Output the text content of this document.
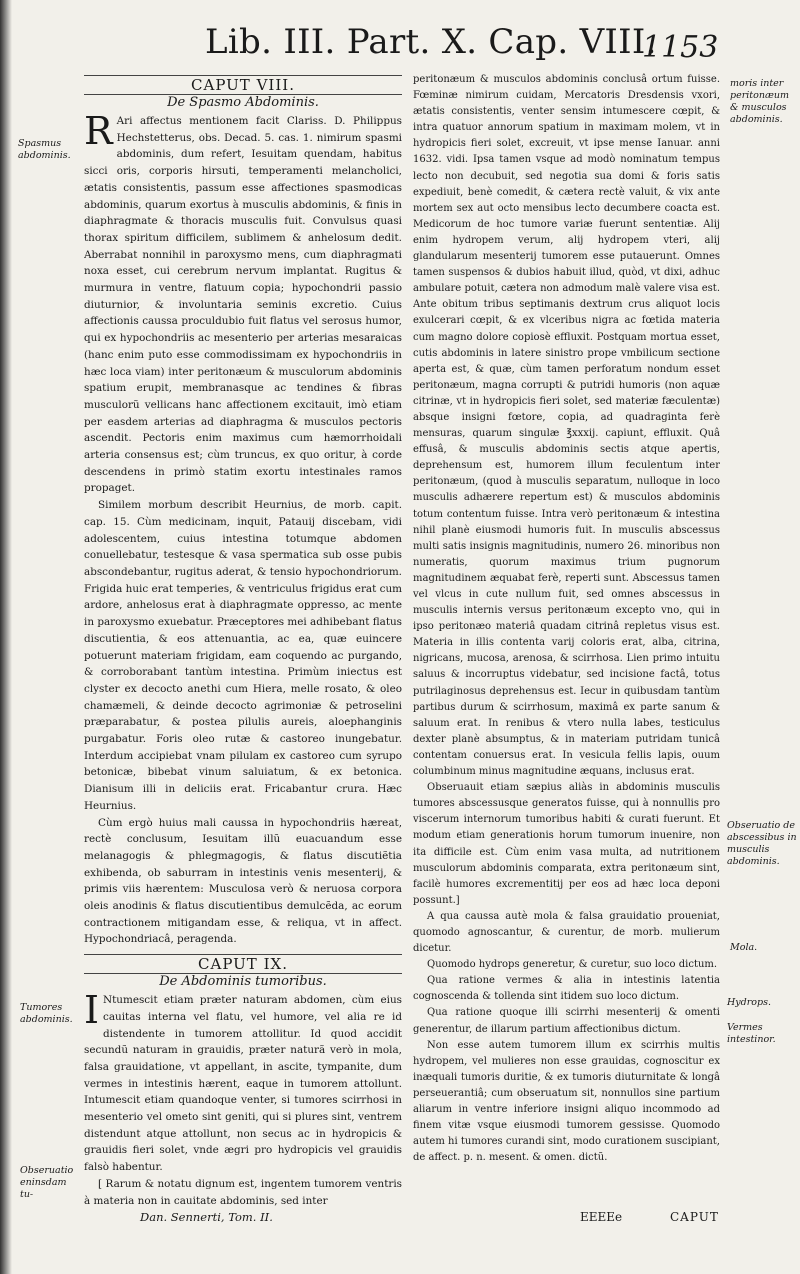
Lib. III. Part. X. Cap. VIII.
1153
Spasmus abdominis.
Tumores abdominis.
Obseruatio eninsdam tu-
CAPUT VIII.
De Spasmo Abdominis.

R Ari affectus mentionem facit Clariss. D. Philippus Hechstetterus, obs. Decad. 5. cas. 1. nimirum spasmi abdominis, dum refert, Iesuitam quendam, habitus sicci oris, corporis hirsuti, temperamenti melancholici, ætatis consistentis, passum esse affectiones spasmodicas abdominis, quarum exortus à musculis abdominis, & finis in diaphragmate & thoracis musculis fuit. Convulsus quasi thorax spiritum difficilem, sublimem & anhelosum dedit. Aberrabat nonnihil in paroxysmo mens, cum diaphragmati noxa esset, cui cerebrum nervum implantat. Rugitus & murmura in ventre, flatuum copia; hypochondrii passio diuturnior, & involuntaria seminis excretio. Cuius affectionis caussa proculdubio fuit flatus vel serosus humor, qui ex hypochondriis ac mesenterio per arterias mesaraicas (hanc enim puto esse commodissimam ex hypochondriis in hæc loca viam) inter peritonæum & musculorum abdominis spatium erupit, membranasque ac tendines & fibras musculorũ vellicans hanc affectionem excitauit, imò etiam per easdem arterias ad diaphragma & musculos pectoris ascendit. Pectoris enim maximus cum hæmorrhoidali arteria consensus est; cùm truncus, ex quo oritur, à corde descendens in primò statim exortu intestinales ramos propaget.

Similem morbum describit Heurnius, de morb. capit. cap. 15. Cùm medicinam, inquit, Patauij discebam, vidi adolescentem, cuius intestina totumque abdomen conuellebatur, testesque & vasa spermatica sub osse pubis abscondebantur, rugitus aderat, & tensio hypochondriorum. Frigida huic erat temperies, & ventriculus frigidus erat cum ardore, anhelosus erat à diaphragmate oppresso, ac mente in paroxysmo exuebatur. Præceptores mei adhibebant flatus discutientia, & eos attenuantia, ac ea, quæ euincere potuerunt materiam frigidam, eam coquendo ac purgando, & corroborabant tantùm intestina. Primùm iniectus est clyster ex decocto anethi cum Hiera, melle rosato, & oleo chamæmeli, & deinde decocto agrimoniæ & petroselini præparabatur, & postea pilulis aureis, aloephanginis purgabatur. Foris oleo rutæ & castoreo inungebatur. Interdum accipiebat vnam pilulam ex castoreo cum syrupo betonicæ, bibebat vinum saluiatum, & ex betonica. Dianisum illi in deliciis erat. Fricabantur crura. Hæc Heurnius.

Cùm ergò huius mali caussa in hypochondriis hæreat, rectè conclusum, Iesuitam illũ euacuandum esse melanagogis & phlegmagogis, & flatus discutiẽtia exhibenda, ob saburram in intestinis venis mesenterij, & primis viis hærentem: Musculosa verò & neruosa corpora oleis anodinis & flatus discutientibus demulcẽda, ac eorum contractionem mitigandam esse, & reliqua, vt in affect. Hypochondriacâ, peragenda.

CAPUT IX.
De Abdominis tumoribus.

I Ntumescit etiam præter naturam abdomen, cùm eius cauitas interna vel flatu, vel humore, vel alia re id distendente in tumorem attollitur. Id quod accidit secundũ naturam in grauidis, præter naturã verò in mola, falsa grauidatione, vt appellant, in ascite, tympanite, dum vermes in intestinis hærent, eaque in tumorem attollunt. Intumescit etiam quandoque venter, si tumores scirrhosi in mesenterio vel ometo sint geniti, qui si plures sint, ventrem distendunt atque attollunt, non secus ac in hydropicis & grauidis fieri solet, vnde ægri pro hydropicis vel grauidis falsò habentur.

[ Rarum & notatu dignum est, ingentem tumorem ventris à materia non in cauitate abdominis, sed inter

peritonæum & musculos abdominis conclusâ ortum fuisse. Fœminæ nimirum cuidam, Mercatoris Dresdensis vxori, ætatis consistentis, venter sensim intumescere cœpit, & intra quatuor annorum spatium in maximam molem, vt in hydropicis fieri solet, excreuit, vt ipse mense Ianuar. anni 1632. vidi. Ipsa tamen vsque ad modò nominatum tempus lecto non decubuit, sed negotia sua domi & foris satis expediuit, benè comedit, & cætera rectè valuit, & vix ante mortem sex aut octo mensibus lecto decumbere coacta est. Medicorum de hoc tumore variæ fuerunt sententiæ. Alij enim hydropem verum, alij hydropem vteri, alij glandularum mesenterij tumorem esse putauerunt. Omnes tamen suspensos & dubios habuit illud, quòd, vt dixi, adhuc ambulare potuit, cætera non admodum malè valere visa est. Ante obitum tribus septimanis dextrum crus aliquot locis exulcerari cœpit, & ex vlceribus nigra ac fœtida materia cum magno dolore copiosè effluxit. Postquam mortua esset, cutis abdominis in latere sinistro prope vmbilicum sectione aperta est, & quæ, cùm tamen perforatum nondum esset peritonæum, magna corrupti & putridi humoris (non aquæ citrinæ, vt in hydropicis fieri solet, sed materiæ fæculentæ) absque insigni fœtore, copia, ad quadraginta ferè mensuras, quarum singulæ ℥xxxij. capiunt, effluxit. Quâ effusâ, & musculis abdominis sectis atque apertis, deprehensum est, humorem illum feculentum inter peritonæum, (quod à musculis separatum, nulloque in loco musculis adhærere repertum est) & musculos abdominis totum contentum fuisse. Intra verò peritonæum & intestina nihil planè eiusmodi humoris fuit. In musculis abscessus multi satis insignis magnitudinis, numero 26. minoribus non numeratis, quorum maximus trium pugnorum magnitudinem æquabat ferè, reperti sunt. Abscessus tamen vel vlcus in cute nullum fuit, sed omnes abscessus in musculis internis versus peritonæum excepto vno, qui in ipso peritonæo materiâ quadam citrinâ repletus visus est. Materia in illis contenta varij coloris erat, alba, citrina, nigricans, mucosa, arenosa, & scirrhosa. Lien primo intuitu saluus & incorruptus videbatur, sed incisione factâ, totus putrilaginosus deprehensus est. Iecur in quibusdam tantùm partibus durum & scirrhosum, maximâ ex parte sanum & saluum erat. In renibus & vtero nulla labes, testiculus dexter planè absumptus, & in materiam putridam tunicâ contentam conuersus erat. In vesicula fellis lapis, ouum columbinum minus magnitudine æquans, inclusus erat.

Obseruauit etiam sæpius aliàs in abdominis musculis tumores abscessusque generatos fuisse, qui à nonnullis pro viscerum internorum tumoribus habiti & curati fuerunt. Et modum etiam generationis horum tumorum inuenire, non ita difficile est. Cùm enim vasa multa, ad nutritionem musculorum abdominis comparata, extra peritonæum sint, facilè humores excrementitij per eos ad hæc loca deponi possunt.]

A qua caussa autè mola & falsa grauidatio proueniat, quomodo agnoscantur, & curentur, de morb. mulierum dicetur.

Quomodo hydrops generetur, & curetur, suo loco dictum.

Qua ratione vermes & alia in intestinis latentia cognoscenda & tollenda sint itidem suo loco dictum.

Qua ratione quoque illi scirrhi mesenterij & omenti generentur, de illarum partium affectionibus dictum.

Non esse autem tumorem illum ex scirrhis multis hydropem, vel mulieres non esse grauidas, cognoscitur ex inæquali tumoris duritie, & ex tumoris diuturnitate & longâ perseuerantiâ; cum obseruatum sit, nonnullos sine partium aliarum in ventre inferiore insigni aliquo incommodo ad finem vitæ vsque eiusmodi tumorem gessisse. Quomodo autem hi tumores curandi sint, modo curationem suscipiant, de affect. p. n. mesent. & omen. dictũ.

moris inter peritonæum & musculos abdominis.
Obseruatio de abscessibus in musculis abdominis.
Mola.
Hydrops.
Vermes intestinor.
Dan. Sennerti, Tom. II.	EEEEe	CAPUT
